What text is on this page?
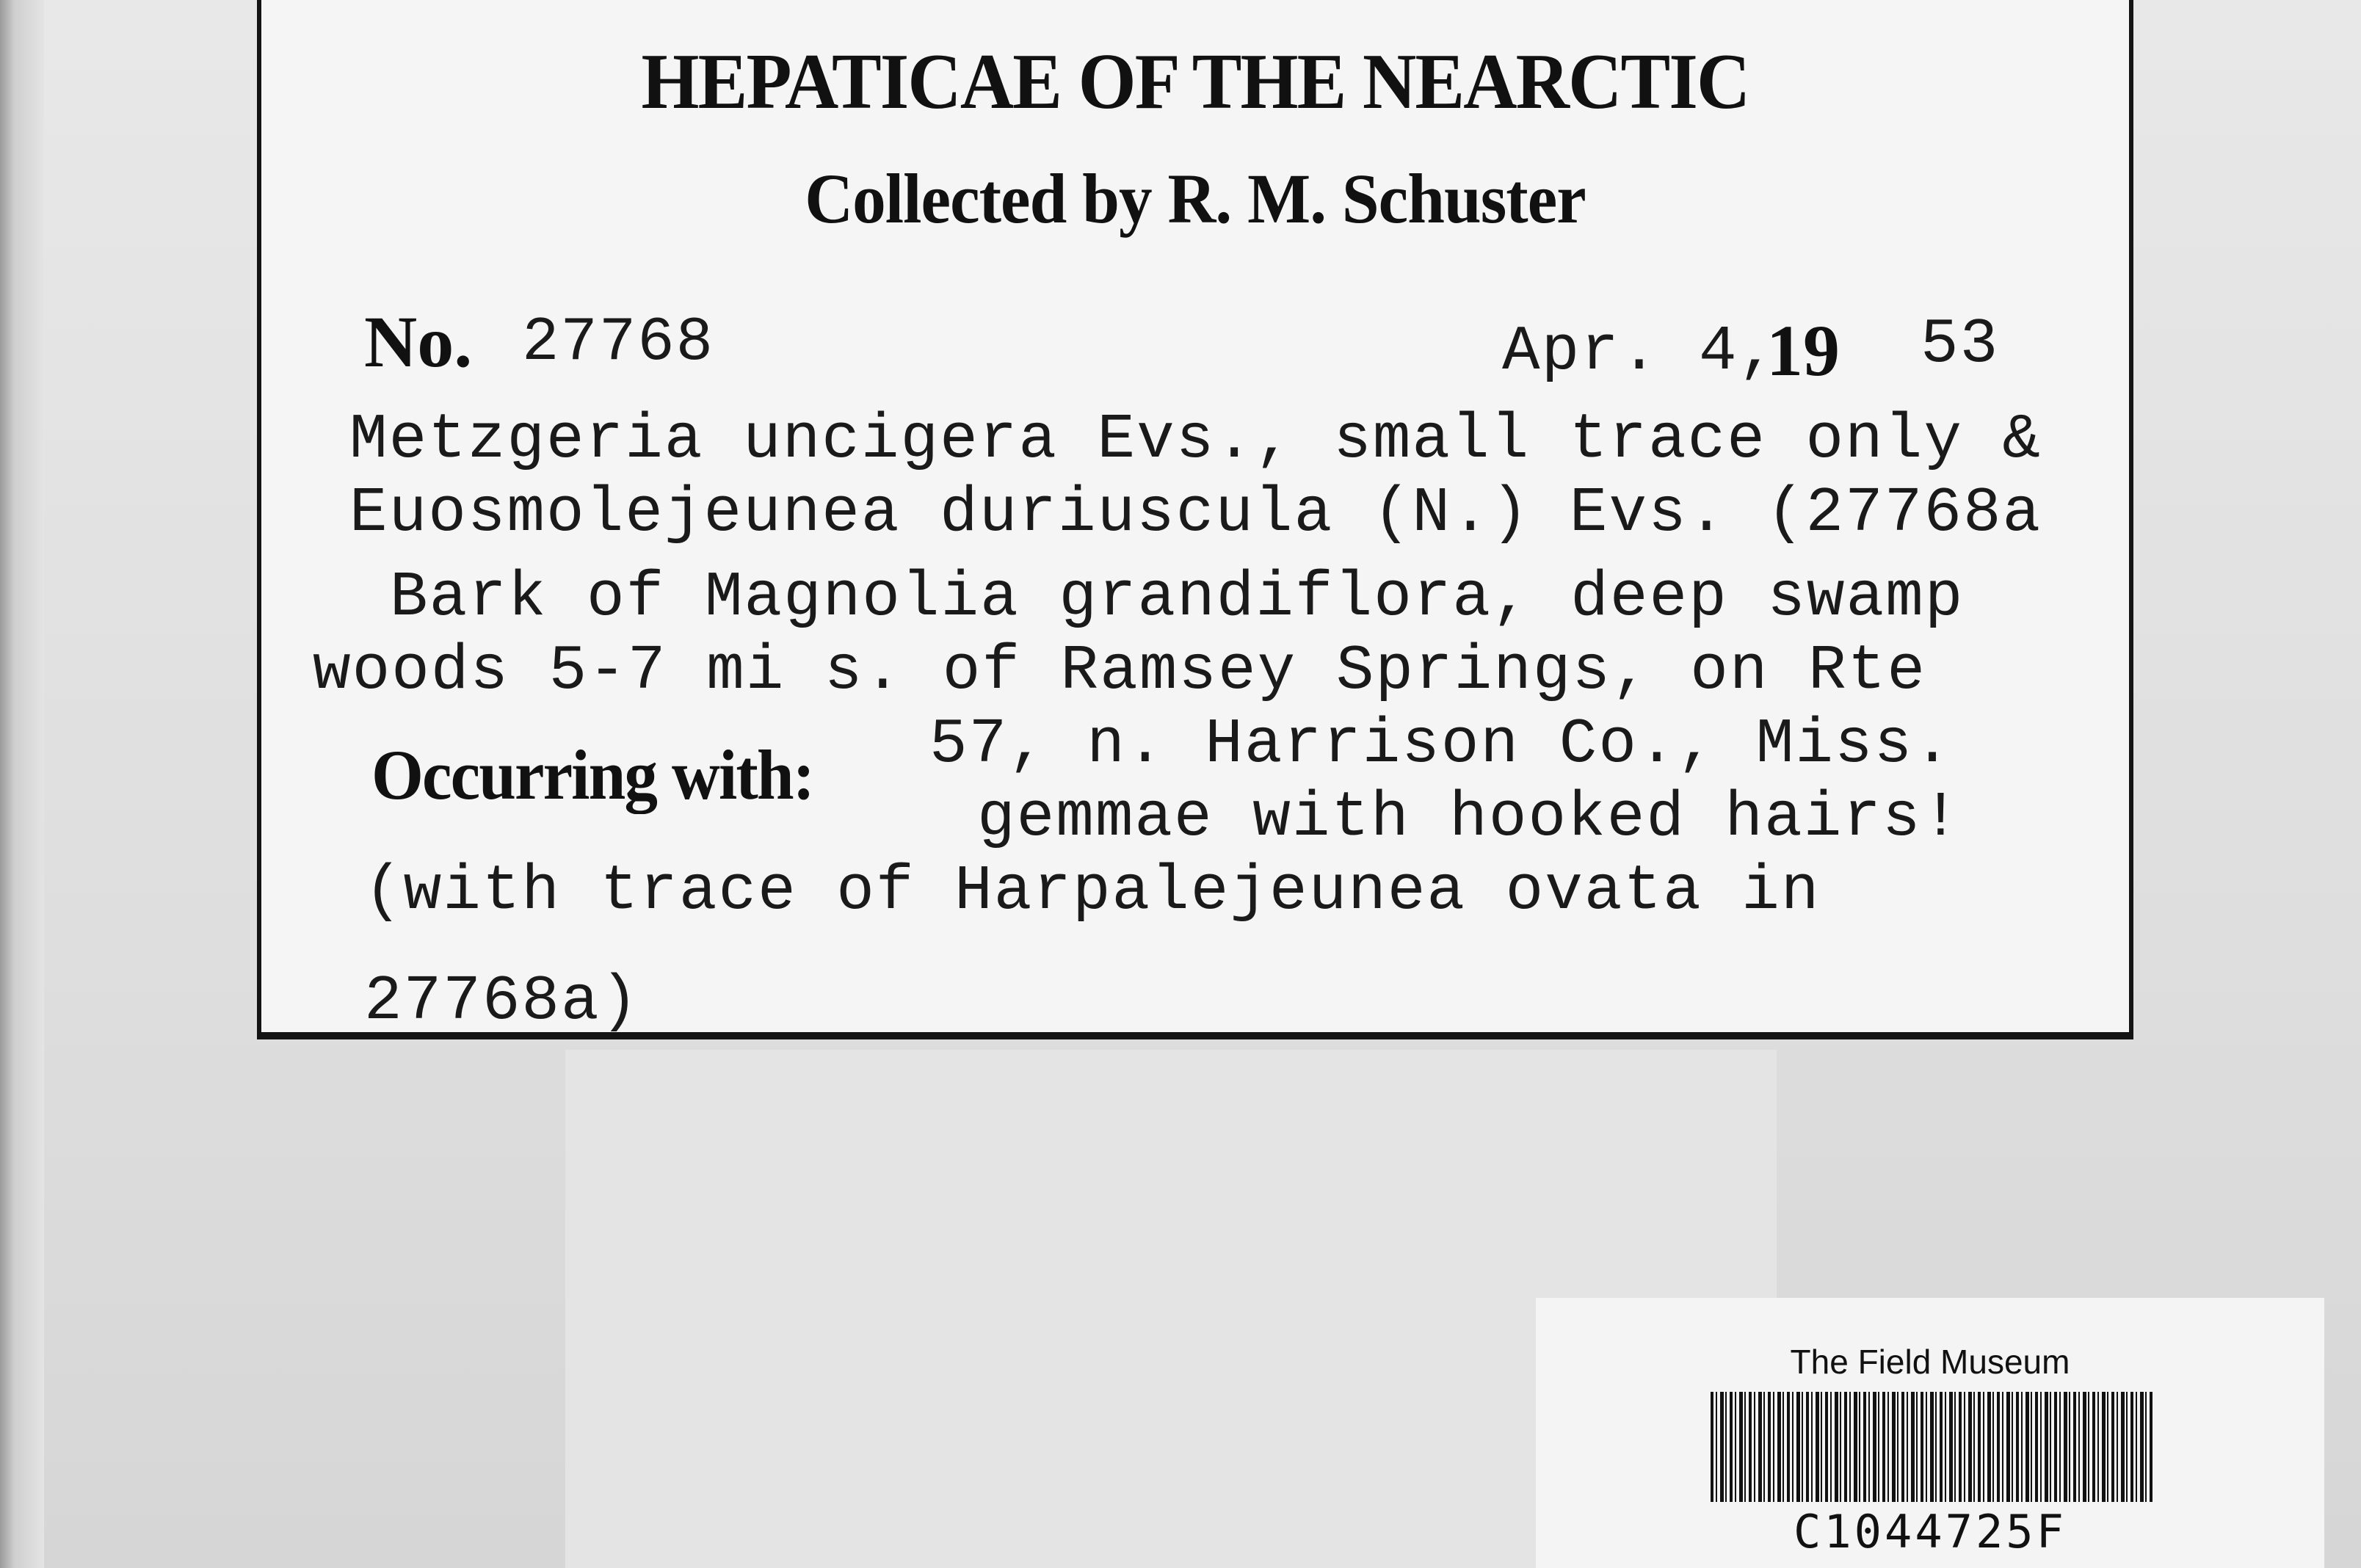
HEPATICAE OF THE NEARCTIC
Collected by R. M. Schuster
No. 27768	Apr. 4,
19 53
Metzgeria uncigera Evs., small trace only &
Euosmolejeunea duriuscula (N.) Evs. (27768a
Bark of Magnolia grandiflora, deep swamp
woods 5-7 mi s. of Ramsey Springs, on Rte
Occurring with: 57, n. Harrison Co., Miss.
gemmae with hooked hairs!
(with trace of Harpalejeunea ovata in
27768a)
The Field Museum
C1044725F
